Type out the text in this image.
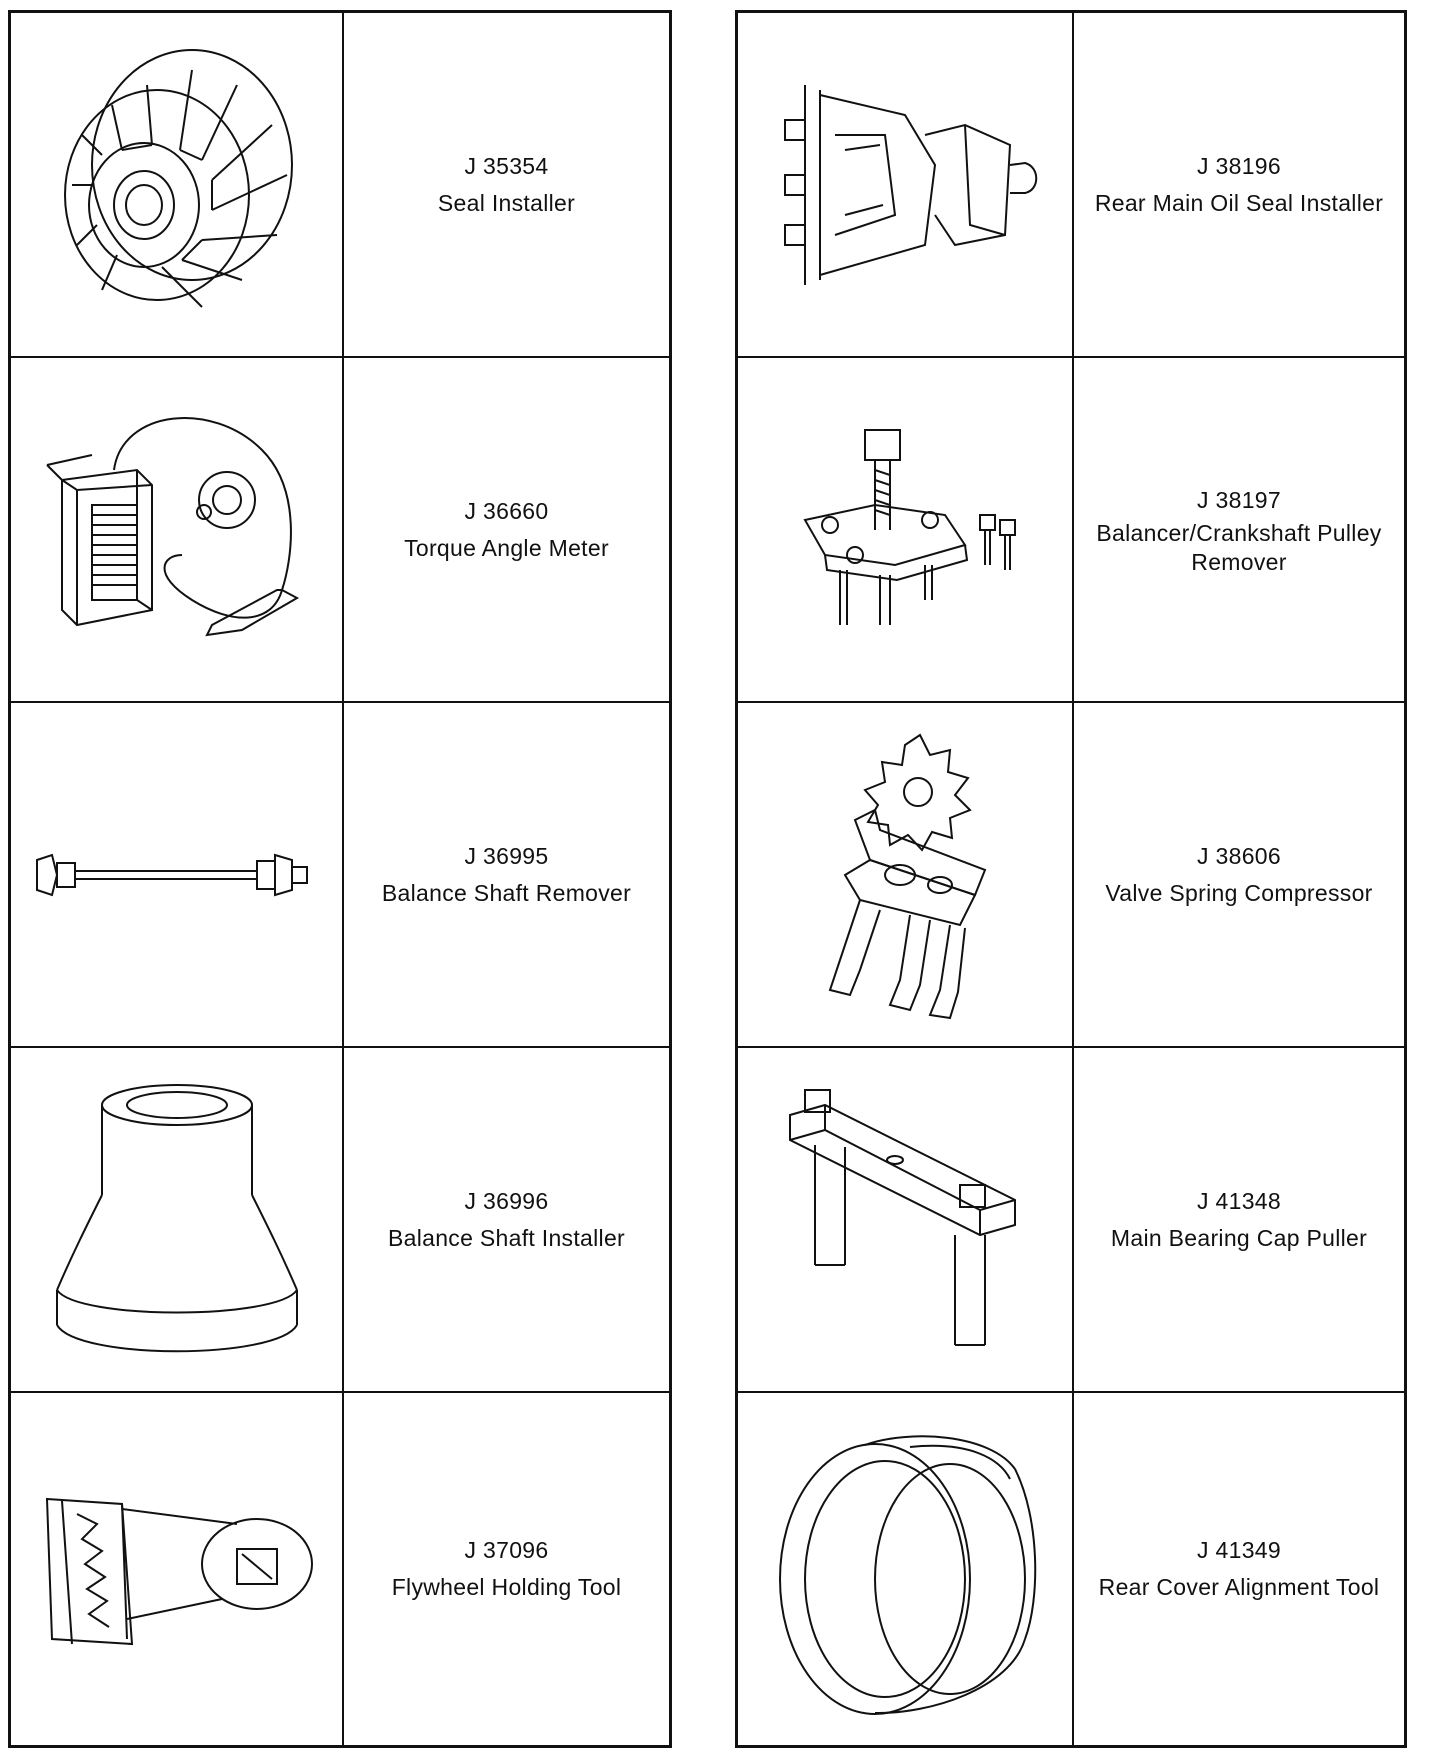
J 35354
Seal Installer
J 36660
Torque Angle Meter
J 36995
Balance Shaft Remover
J 36996
Balance Shaft Installer
J 37096
Flywheel Holding Tool
J 38196
Rear Main Oil Seal Installer
J 38197
Balancer/Crankshaft Pulley
Remover
J 38606
Valve Spring Compressor
J 41348
Main Bearing Cap Puller
J 41349
Rear Cover Alignment Tool
